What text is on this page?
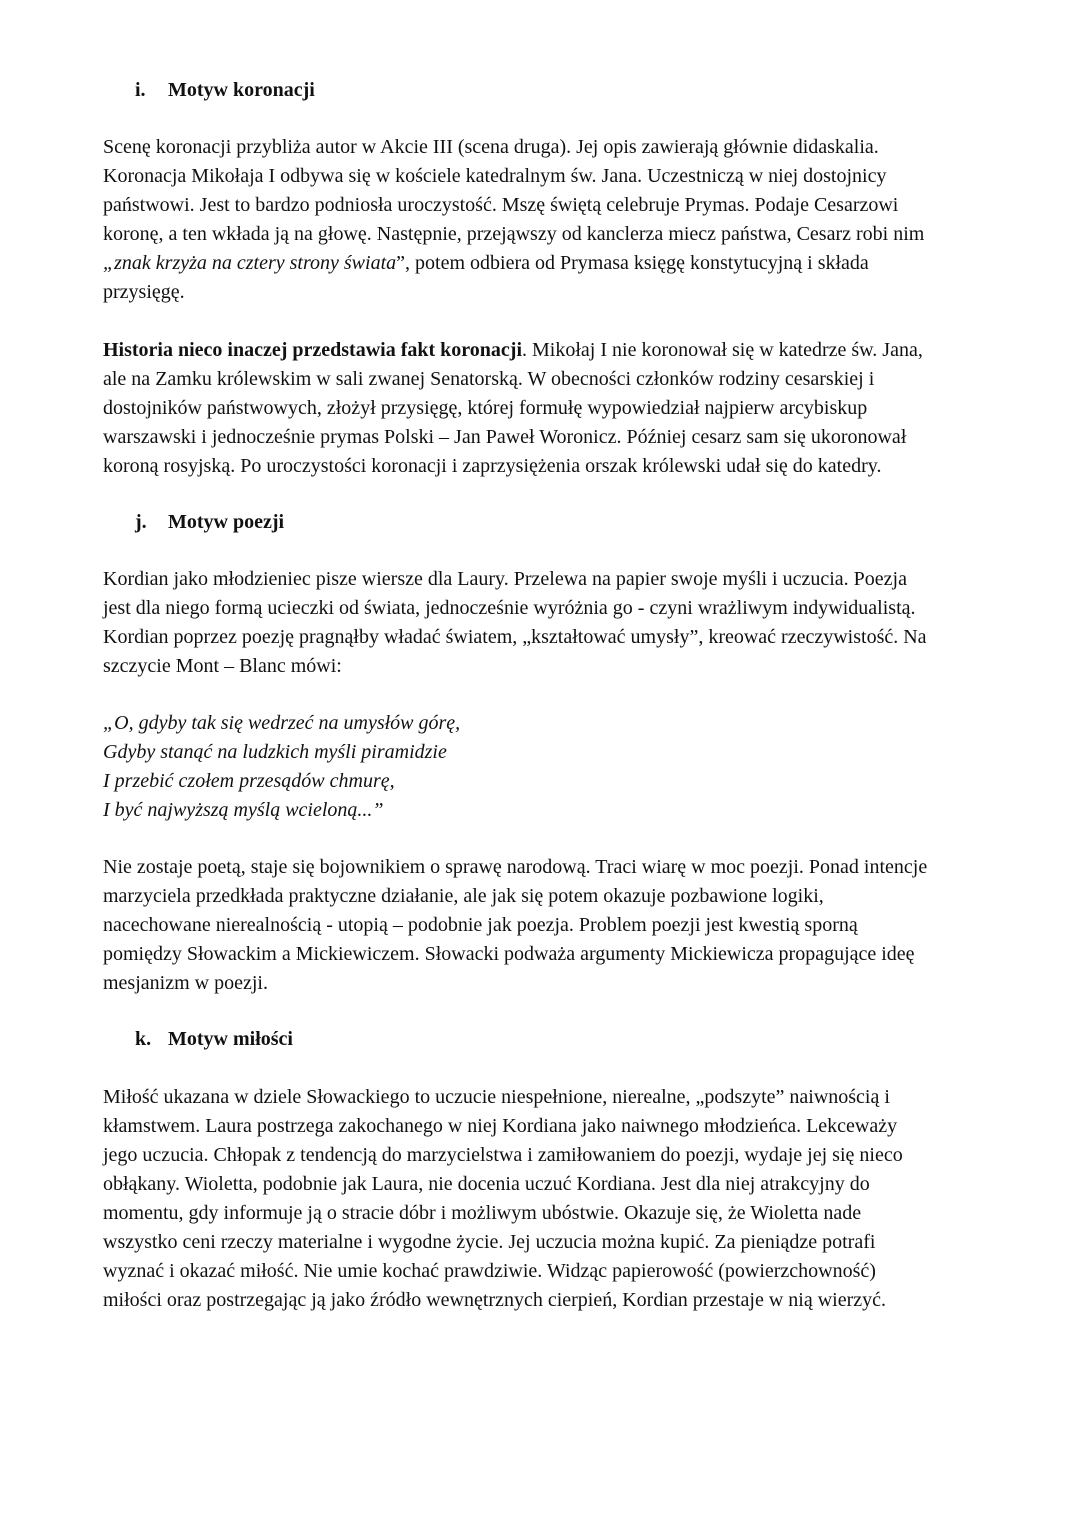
i. Motyw koronacji

Scenę koronacji przybliża autor w Akcie III (scena druga). Jej opis zawierają głównie didaskalia.
Koronacja Mikołaja I odbywa się w kościele katedralnym św. Jana. Uczestniczą w niej dostojnicy
państwowi. Jest to bardzo podniosła uroczystość. Mszę świętą celebruje Prymas. Podaje Cesarzowi
koronę, a ten wkłada ją na głowę. Następnie, przejąwszy od kanclerza miecz państwa, Cesarz robi nim
„znak krzyża na cztery strony świata”, potem odbiera od Prymasa księgę konstytucyjną i składa
przysięgę.

Historia nieco inaczej przedstawia fakt koronacji. Mikołaj I nie koronował się w katedrze św. Jana,
ale na Zamku królewskim w sali zwanej Senatorską. W obecności członków rodziny cesarskiej i
dostojników państwowych, złożył przysięgę, której formułę wypowiedział najpierw arcybiskup
warszawski i jednocześnie prymas Polski – Jan Paweł Woronicz. Później cesarz sam się ukoronował
koroną rosyjską. Po uroczystości koronacji i zaprzysiężenia orszak królewski udał się do katedry.

j. Motyw poezji

Kordian jako młodzieniec pisze wiersze dla Laury. Przelewa na papier swoje myśli i uczucia. Poezja
jest dla niego formą ucieczki od świata, jednocześnie wyróżnia go - czyni wrażliwym indywidualistą.
Kordian poprzez poezję pragnąłby władać światem, „kształtować umysły”, kreować rzeczywistość. Na
szczycie Mont – Blanc mówi:

„O, gdyby tak się wedrzeć na umysłów górę,
Gdyby stanąć na ludzkich myśli piramidzie
I przebić czołem przesądów chmurę,
I być najwyższą myślą wcieloną...”

Nie zostaje poetą, staje się bojownikiem o sprawę narodową. Traci wiarę w moc poezji. Ponad intencje
marzyciela przedkłada praktyczne działanie, ale jak się potem okazuje pozbawione logiki,
nacechowane nierealnością - utopią – podobnie jak poezja. Problem poezji jest kwestią sporną
pomiędzy Słowackim a Mickiewiczem. Słowacki podważa argumenty Mickiewicza propagujące ideę
mesjanizm w poezji.

k. Motyw miłości

Miłość ukazana w dziele Słowackiego to uczucie niespełnione, nierealne, „podszyte” naiwnością i
kłamstwem. Laura postrzega zakochanego w niej Kordiana jako naiwnego młodzieńca. Lekceważy
jego uczucia. Chłopak z tendencją do marzycielstwa i zamiłowaniem do poezji, wydaje jej się nieco
obłąkany. Wioletta, podobnie jak Laura, nie docenia uczuć Kordiana. Jest dla niej atrakcyjny do
momentu, gdy informuje ją o stracie dóbr i możliwym ubóstwie. Okazuje się, że Wioletta nade
wszystko ceni rzeczy materialne i wygodne życie. Jej uczucia można kupić. Za pieniądze potrafi
wyznać i okazać miłość. Nie umie kochać prawdziwie. Widząc papierowość (powierzchowność)
miłości oraz postrzegając ją jako źródło wewnętrznych cierpień, Kordian przestaje w nią wierzyć.
